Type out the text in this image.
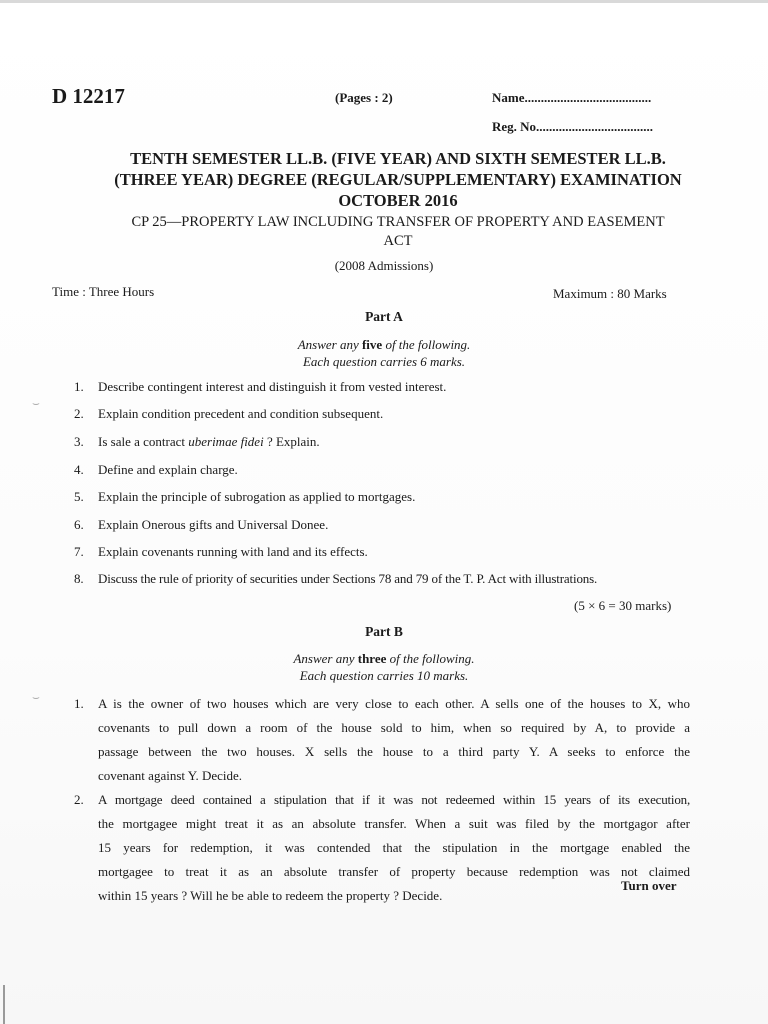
D 12217	(Pages : 2)	Name.......................................
Reg. No....................................
TENTH SEMESTER LL.B. (FIVE YEAR) AND SIXTH SEMESTER LL.B.
(THREE YEAR) DEGREE (REGULAR/SUPPLEMENTARY) EXAMINATION
OCTOBER 2016
CP 25—PROPERTY LAW INCLUDING TRANSFER OF PROPERTY AND EASEMENT
ACT
(2008 Admissions)
Time : Three Hours	Maximum : 80 Marks
Part A
Answer any five of the following.
Each question carries 6 marks.
1. Describe contingent interest and distinguish it from vested interest.
2. Explain condition precedent and condition subsequent.
3. Is sale a contract uberimae fidei ? Explain.
4. Define and explain charge.
5. Explain the principle of subrogation as applied to mortgages.
6. Explain Onerous gifts and Universal Donee.
7. Explain covenants running with land and its effects.
8. Discuss the rule of priority of securities under Sections 78 and 79 of the T. P. Act with illustrations.
(5 × 6 = 30 marks)
Part B
Answer any three of the following.
Each question carries 10 marks.
1.	A is the owner of two houses which are very close to each other. A sells one of the houses to X, who
covenants to pull down a room of the house sold to him, when so required by A, to provide a
passage between the two houses. X sells the house to a third party Y. A seeks to enforce the
covenant against Y. Decide.
2.	A mortgage deed contained a stipulation that if it was not redeemed within 15 years of its execution,
the mortgagee might treat it as an absolute transfer. When a suit was filed by the mortgagor after
15 years for redemption, it was contended that the stipulation in the mortgage enabled the
mortgagee to treat it as an absolute transfer of property because redemption was not claimed
within 15 years ? Will he be able to redeem the property ? Decide.
Turn over
⌣
⌣
